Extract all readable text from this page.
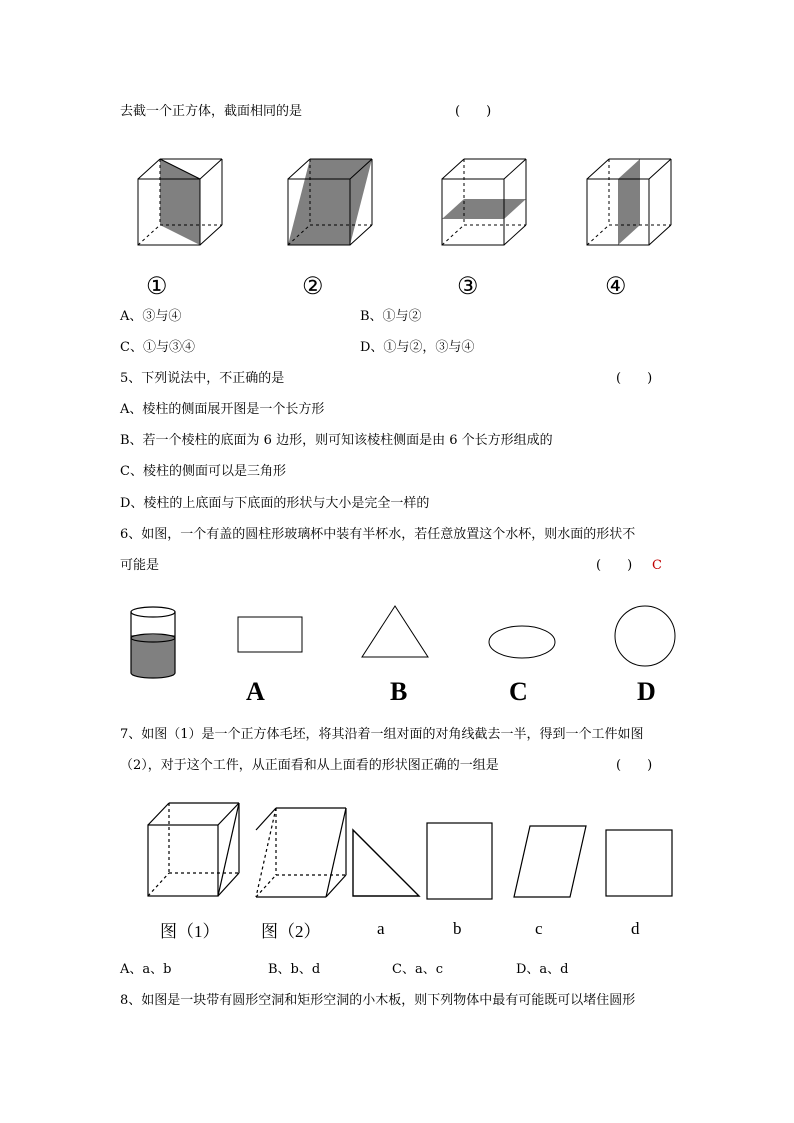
去截一个正方体，截面相同的是	(　　)
①	②	③	④
A、③与④	B、①与②
C、①与③④	D、①与②，③与④
5、下列说法中，不正确的是	(　　)
A、棱柱的侧面展开图是一个长方形
B、若一个棱柱的底面为 6 边形，则可知该棱柱侧面是由 6 个长方形组成的
C、棱柱的侧面可以是三角形
D、棱柱的上底面与下底面的形状与大小是完全一样的
6、如图，一个有盖的圆柱形玻璃杯中装有半杯水，若任意放置这个水杯，则水面的形状不
可能是	(　　) C
A	B	C	D
7、如图（1）是一个正方体毛坯，将其沿着一组对面的对角线截去一半，得到一个工件如图
（2），对于这个工件，从正面看和从上面看的形状图正确的一组是	(　　)
图（1） 图（2）	a	b	c	d
A、a、b	B、b、d	C、a、c	D、a、d
8、如图是一块带有圆形空洞和矩形空洞的小木板，则下列物体中最有可能既可以堵住圆形
